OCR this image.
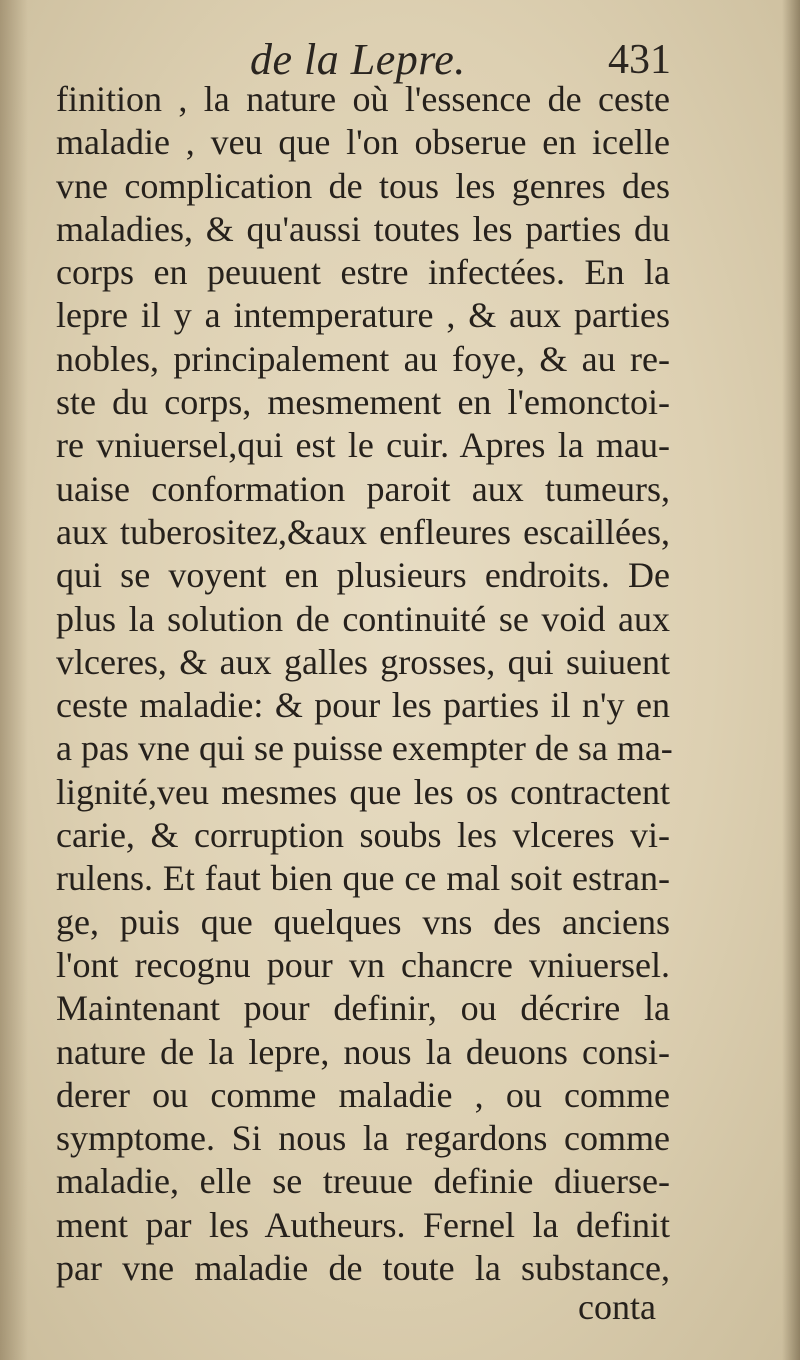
de la Lepre.	431
finition , la nature où l'essence de ceste
maladie , veu que l'on obserue en icelle
vne complication de tous les genres des
maladies, & qu'aussi toutes les parties du
corps en peuuent estre infectées. En la
lepre il y a intemperature , & aux parties
nobles, principalement au foye, & au re-
ste du corps, mesmement en l'emonctoi-
re vniuersel,qui est le cuir. Apres la mau-
uaise conformation paroit aux tumeurs,
aux tuberositez,&aux enfleures escaillées,
qui se voyent en plusieurs endroits. De
plus la solution de continuité se void aux
vlceres, & aux galles grosses, qui suiuent
ceste maladie: & pour les parties il n'y en
a pas vne qui se puisse exempter de sa ma-
lignité,veu mesmes que les os contractent
carie, & corruption soubs les vlceres vi-
rulens. Et faut bien que ce mal soit estran-
ge, puis que quelques vns des anciens
l'ont recognu pour vn chancre vniuersel.
Maintenant pour definir, ou décrire la
nature de la lepre, nous la deuons consi-
derer ou comme maladie , ou comme
symptome. Si nous la regardons comme
maladie, elle se treuue definie diuerse-
ment par les Autheurs. Fernel la definit
par vne maladie de toute la substance,
conta
